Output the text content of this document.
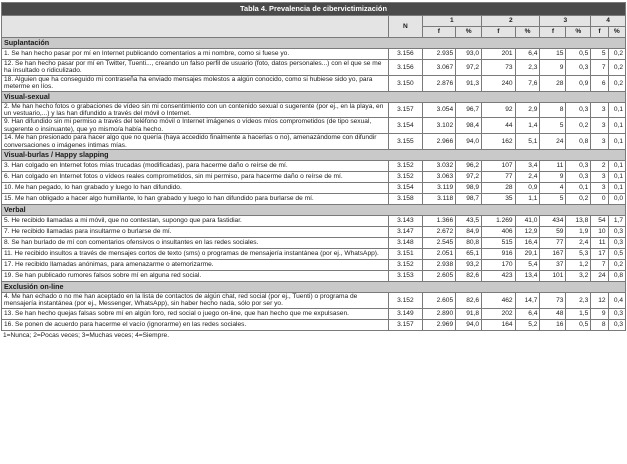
Tabla 4. Prevalencia de cibervictimización									
	N	1		2		3		4	
		f	%	f	%	f	%	f	%
Suplantación									
1. Se han hecho pasar por mí en Internet publicando comentarios a mi nombre, como si fuese yo.	3.156	2.935	93,0	201	6,4	15	0,5	5	0,2
12. Se han hecho pasar por mí en Twitter, Tuenti..., creando un falso perfil de usuario (foto, datos personales...) con el que se me ha insultado o ridiculizado.	3.156	3.067	97,2	73	2,3	9	0,3	7	0,2
18. Alguien que ha conseguido mi contraseña ha enviado mensajes molestos a algún conocido, como si hubiese sido yo, para meterme en líos.	3.150	2.876	91,3	240	7,6	28	0,9	6	0,2
Visual-sexual									
2. Me han hecho fotos o grabaciones de vídeo sin mi consentimiento con un contenido sexual o sugerente (por ej., en la playa, en un vestuario,...) y las han difundido a través del móvil o Internet.	3.157	3.054	96,7	92	2,9	8	0,3	3	0,1
9. Han difundido sin mi permiso a través del teléfono móvil o Internet imágenes o vídeos míos comprometidos (de tipo sexual, sugerente o insinuante), que yo mismo/a había hecho.	3.154	3.102	98,4	44	1,4	5	0,2	3	0,1
14. Me han presionado para hacer algo que no quería (haya accedido finalmente a hacerlas o no), amenazándome con difundir conversaciones o imágenes íntimas mías.	3.155	2.966	94,0	162	5,1	24	0,8	3	0,1
Visual-burlas / Happy slapping									
3. Han colgado en Internet fotos mías trucadas (modificadas), para hacerme daño o reírse de mí.	3.152	3.032	96,2	107	3,4	11	0,3	2	0,1
6. Han colgado en Internet fotos o vídeos reales comprometidos, sin mi permiso, para hacerme daño o reírse de mí.	3.152	3.063	97,2	77	2,4	9	0,3	3	0,1
10. Me han pegado, lo han grabado y luego lo han difundido.	3.154	3.119	98,9	28	0,9	4	0,1	3	0,1
15. Me han obligado a hacer algo humillante, lo han grabado y luego lo han difundido para burlarse de mí.	3.158	3.118	98,7	35	1,1	5	0,2	0	0,0
Verbal									
5. He recibido llamadas a mi móvil, que no contestan, supongo que para fastidiar.	3.143	1.366	43,5	1.269	41,0	434	13,8	54	1,7
7. He recibido llamadas para insultarme o burlarse de mí.	3.147	2.672	84,9	406	12,9	59	1,9	10	0,3
8. Se han burlado de mí con comentarios ofensivos o insultantes en las redes sociales.	3.148	2.545	80,8	515	16,4	77	2,4	11	0,3
11. He recibido insultos a través de mensajes cortos de texto (sms) o programas de mensajería instantánea (por ej., WhatsApp).	3.151	2.051	65,1	916	29,1	167	5,3	17	0,5
17. He recibido llamadas anónimas, para amenazarme o atemorizarme.	3.152	2.938	93,2	170	5,4	37	1,2	7	0,2
19. Se han publicado rumores falsos sobre mí en alguna red social.	3.153	2.605	82,6	423	13,4	101	3,2	24	0,8
Exclusión on-line									
4. Me han echado o no me han aceptado en la lista de contactos de algún chat, red social (por ej., Tuenti) o programa de mensajería instantánea (por ej., Messenger, WhatsApp), sin haber hecho nada, sólo por ser yo.	3.152	2.605	82,6	462	14,7	73	2,3	12	0,4
13. Se han hecho quejas falsas sobre mí en algún foro, red social o juego on-line, que han hecho que me expulsasen.	3.149	2.890	91,8	202	6,4	48	1,5	9	0,3
16. Se ponen de acuerdo para hacerme el vacío (ignorarme) en las redes sociales.	3.157	2.969	94,0	164	5,2	16	0,5	8	0,3
1=Nunca; 2=Pocas veces; 3=Muchas veces; 4=Siempre.
